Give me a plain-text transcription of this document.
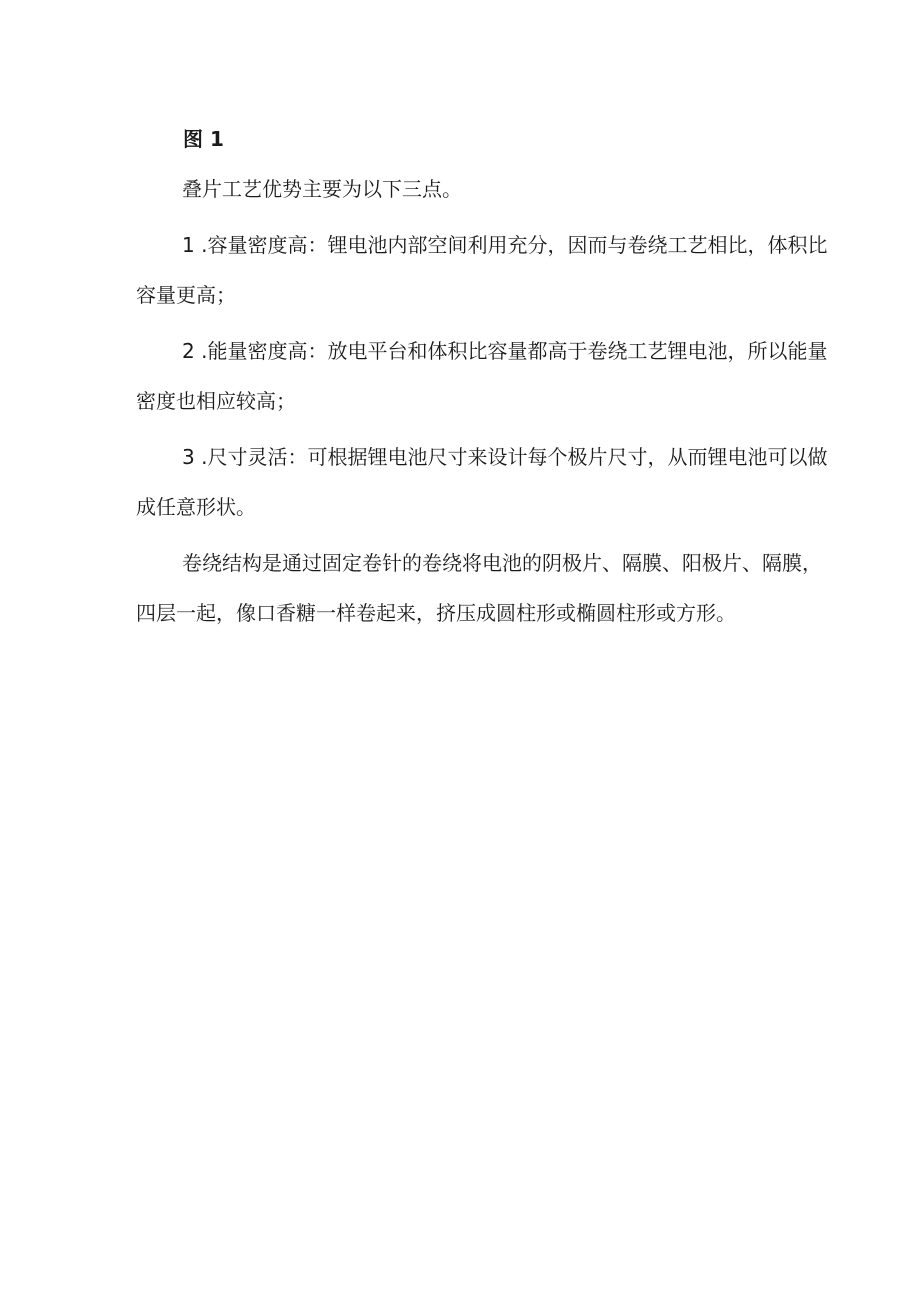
图 1

叠片工艺优势主要为以下三点。

1 .容量密度高：锂电池内部空间利用充分，因而与卷绕工艺相比，体积比容量更高；

2 .能量密度高：放电平台和体积比容量都高于卷绕工艺锂电池，所以能量密度也相应较高；

3 .尺寸灵活：可根据锂电池尺寸来设计每个极片尺寸，从而锂电池可以做成任意形状。

卷绕结构是通过固定卷针的卷绕将电池的阴极片、隔膜、阳极片、隔膜，四层一起，像口香糖一样卷起来，挤压成圆柱形或椭圆柱形或方形。
